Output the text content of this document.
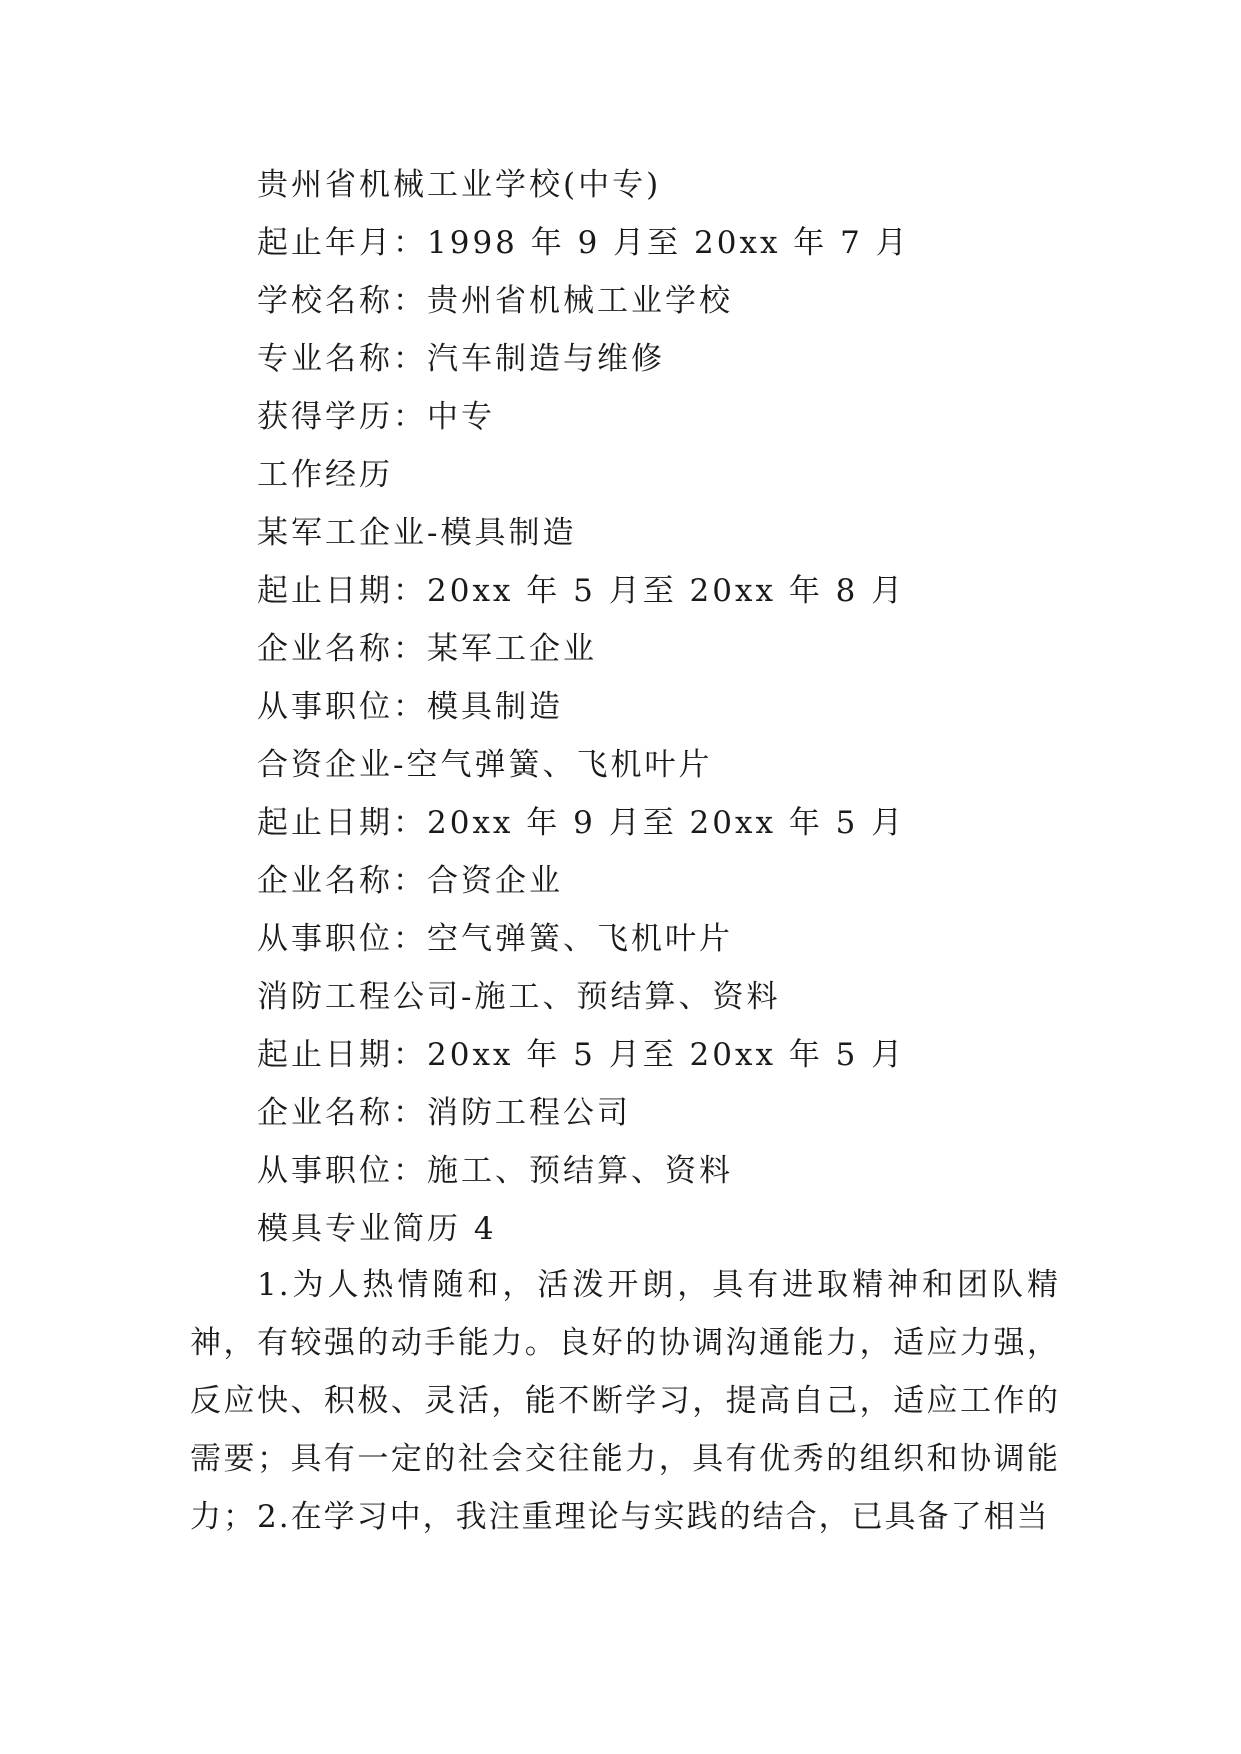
贵州省机械工业学校(中专)
起止年月：1998 年 9 月至 20xx 年 7 月
学校名称：贵州省机械工业学校
专业名称：汽车制造与维修
获得学历：中专
工作经历
某军工企业-模具制造
起止日期：20xx 年 5 月至 20xx 年 8 月
企业名称：某军工企业
从事职位：模具制造
合资企业-空气弹簧、飞机叶片
起止日期：20xx 年 9 月至 20xx 年 5 月
企业名称：合资企业
从事职位：空气弹簧、飞机叶片
消防工程公司-施工、预结算、资料
起止日期：20xx 年 5 月至 20xx 年 5 月
企业名称：消防工程公司
从事职位：施工、预结算、资料
模具专业简历 4

1.为人热情随和，活泼开朗，具有进取精神和团队精神，有较强的动手能力。良好的协调沟通能力，适应力强，反应快、积极、灵活，能不断学习，提高自己，适应工作的需要；具有一定的社会交往能力，具有优秀的组织和协调能力； 2.在学习中，我注重理论与实践的结合，已具备了相当
